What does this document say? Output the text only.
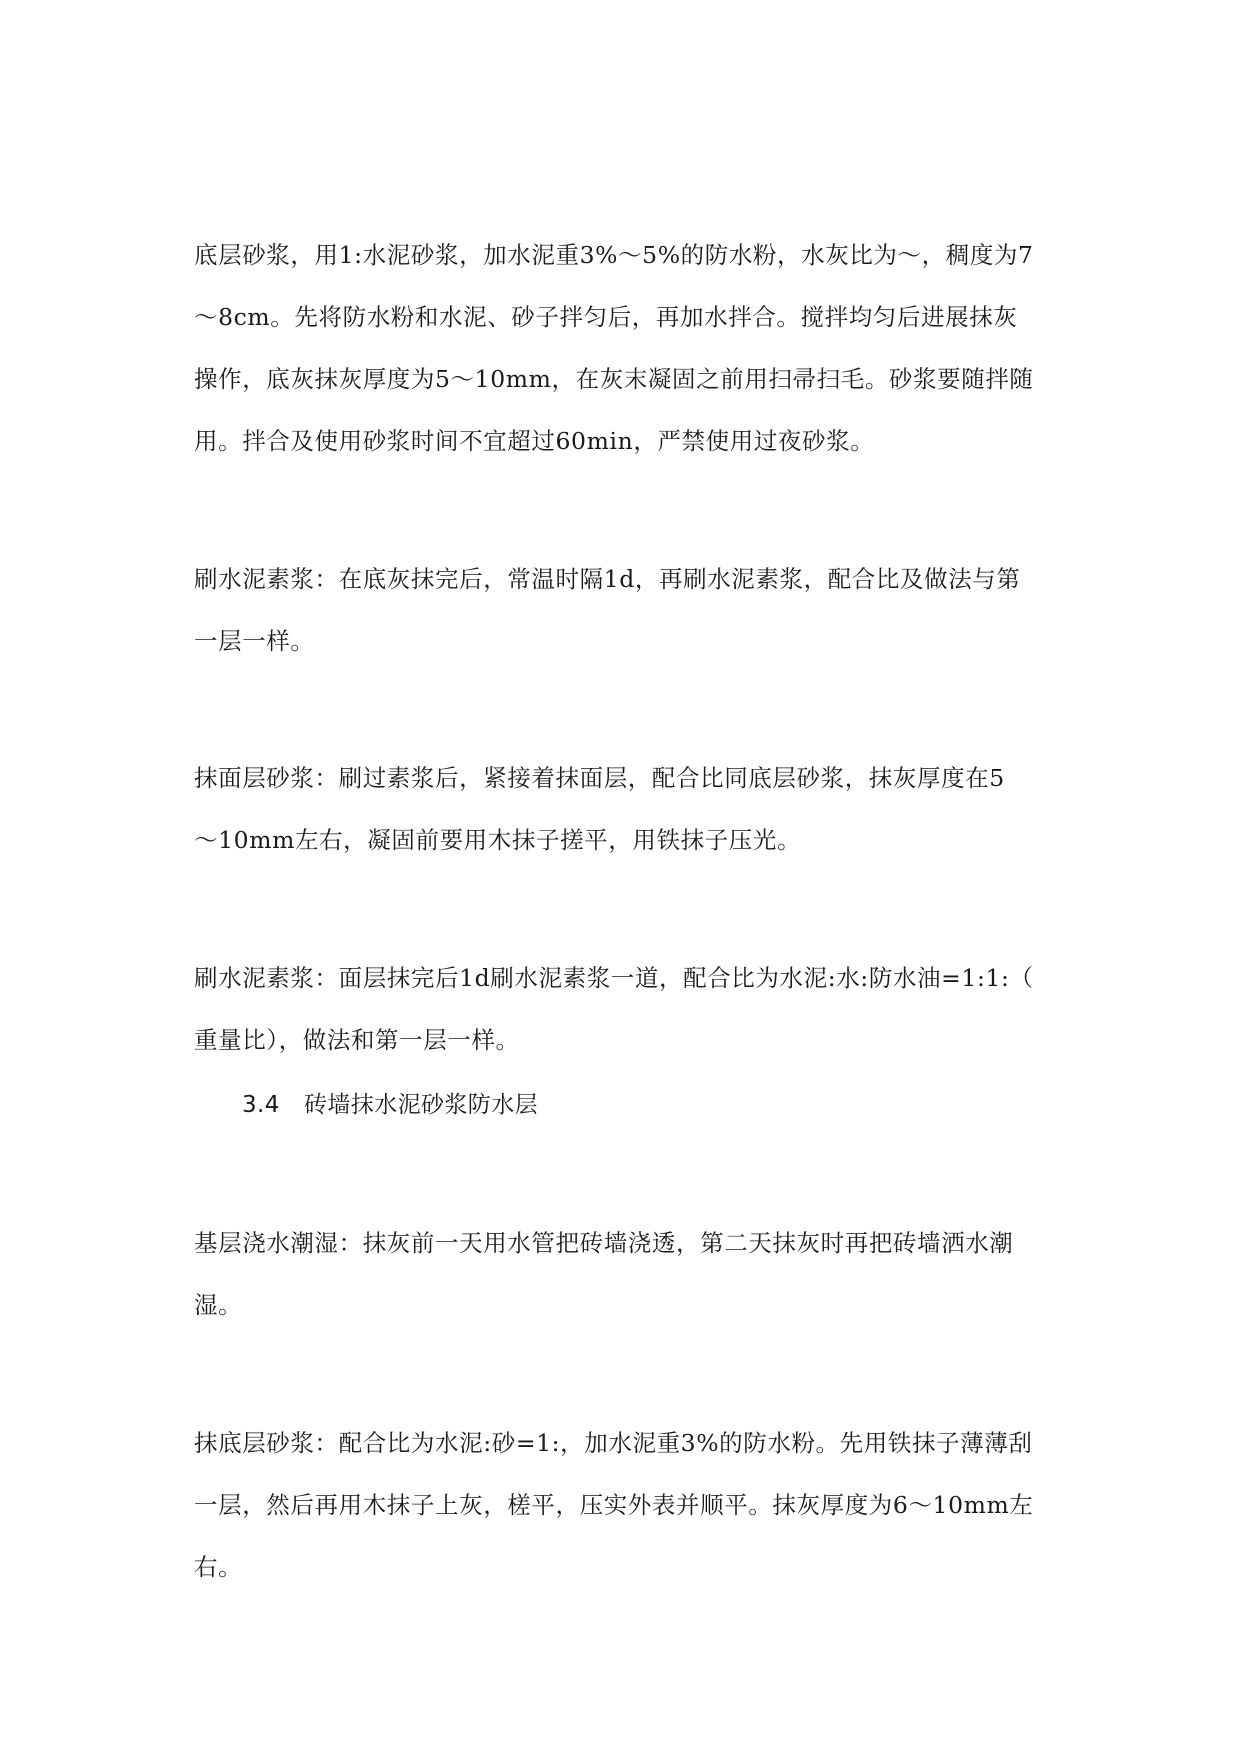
底层砂浆，用1:水泥砂浆，加水泥重3%～5%的防水粉，水灰比为～，稠度为7
～8cm。先将防水粉和水泥、砂子拌匀后，再加水拌合。搅拌均匀后进展抹灰
操作，底灰抹灰厚度为5～10mm，在灰末凝固之前用扫帚扫毛。砂浆要随拌随
用。拌合及使用砂浆时间不宜超过60min，严禁使用过夜砂浆。
刷水泥素浆：在底灰抹完后，常温时隔1d，再刷水泥素浆，配合比及做法与第
一层一样。
抹面层砂浆：刷过素浆后，紧接着抹面层，配合比同底层砂浆，抹灰厚度在5
～10mm左右，凝固前要用木抹子搓平，用铁抹子压光。
刷水泥素浆：面层抹完后1d刷水泥素浆一道，配合比为水泥:水:防水油=1:1:（
重量比），做法和第一层一样。
3.4 砖墙抹水泥砂浆防水层
基层浇水潮湿：抹灰前一天用水管把砖墙浇透，第二天抹灰时再把砖墙洒水潮
湿。
抹底层砂浆：配合比为水泥:砂=1:，加水泥重3%的防水粉。先用铁抹子薄薄刮
一层，然后再用木抹子上灰，槎平，压实外表并顺平。抹灰厚度为6～10mm左
右。
